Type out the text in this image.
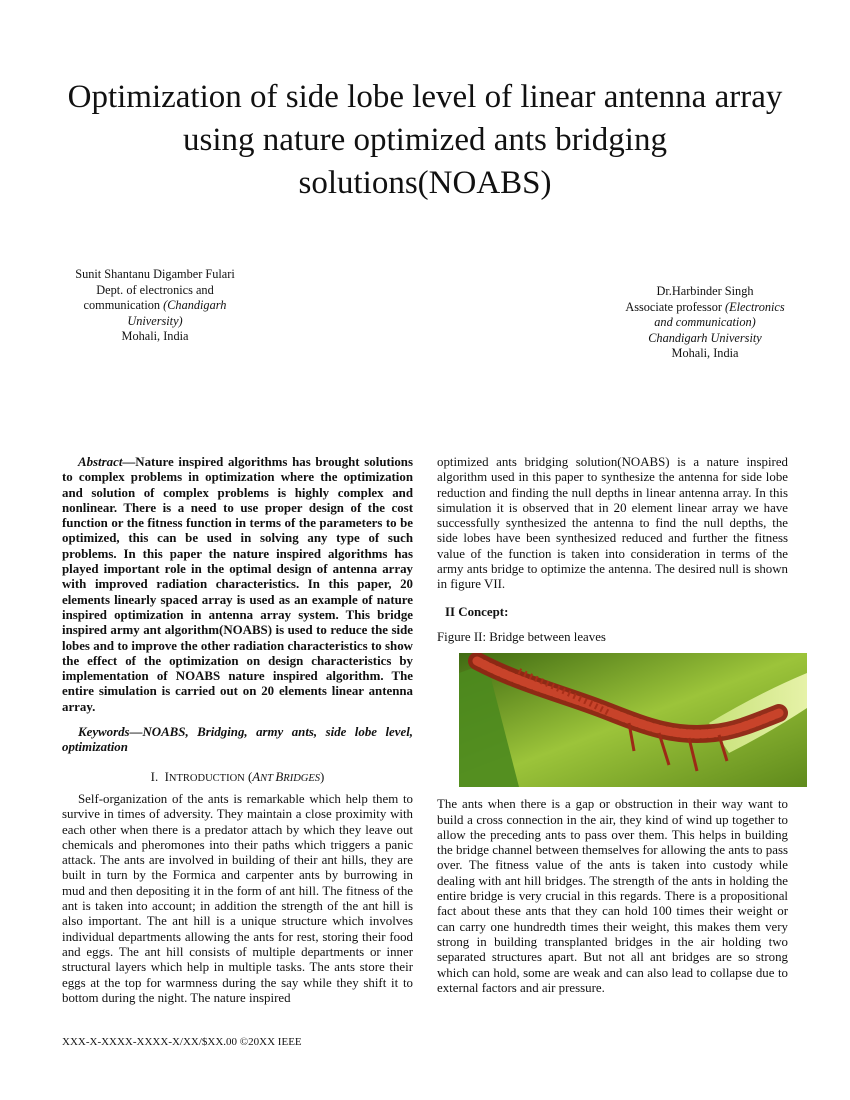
Optimization of side lobe level of linear antenna array
using nature optimized ants bridging
solutions(NOABS)
Sunit Shantanu Digamber Fulari
Dept. of electronics and
communication (Chandigarh
University)
Mohali, India
Dr.Harbinder Singh
Associate professor (Electronics
and communication)
Chandigarh University
Mohali, India

Abstract—Nature inspired algorithms has brought solutions to complex problems in optimization where the optimization and solution of complex problems is highly complex and nonlinear. There is a need to use proper design of the cost function or the fitness function in terms of the parameters to be optimized, this can be used in solving any type of such problems. In this paper the nature inspired algorithms has played important role in the optimal design of antenna array with improved radiation characteristics. In this paper, 20 elements linearly spaced array is used as an example of nature inspired optimization in antenna array system. This bridge inspired army ant algorithm(NOABS) is used to reduce the side lobes and to improve the other radiation characteristics to show the effect of the optimization on design characteristics by implementation of NOABS nature inspired algorithm. The entire simulation is carried out on 20 elements linear antenna array.

Keywords—NOABS, Bridging, army ants, side lobe level, optimization

I. INTRODUCTION (ANT BRIDGES)

Self-organization of the ants is remarkable which help them to survive in times of adversity. They maintain a close proximity with each other when there is a predator attach by which they leave out chemicals and pheromones into their paths which triggers a panic attack. The ants are involved in building of their ant hills, they are built in turn by the Formica and carpenter ants by burrowing in mud and then depositing it in the form of ant hill. The fitness of the ant is taken into account; in addition the strength of the ant hill is also important. The ant hill is a unique structure which involves individual departments allowing the ants for rest, storing their food and eggs. The ant hill consists of multiple departments or inner structural layers which help in multiple tasks. The ants store their eggs at the top for warmness during the say while they shift it to bottom during the night. The nature inspired

optimized ants bridging solution(NOABS) is a nature inspired algorithm used in this paper to synthesize the antenna for side lobe reduction and finding the null depths in linear antenna array. In this simulation it is observed that in 20 element linear array we have successfully synthesized the antenna to find the null depths, the side lobes have been synthesized reduced and further the fitness value of the function is taken into consideration in terms of the army ants bridge to optimize the antenna. The desired null is shown in figure VII.

II Concept:
Figure II: Bridge between leaves

The ants when there is a gap or obstruction in their way want to build a cross connection in the air, they kind of wind up together to allow the preceding ants to pass over them. This helps in building the bridge channel between themselves for allowing the ants to pass over. The fitness value of the ants is taken into custody while dealing with ant hill bridges. The strength of the ants in holding the entire bridge is very crucial in this regards. There is a propositional fact about these ants that they can hold 100 times their weight or can carry one hundredth times their weight, this makes them very strong in building transplanted bridges in the air holding two separated structures apart. But not all ant bridges are so strong which can hold, some are weak and can also lead to collapse due to external factors and air pressure.

XXX-X-XXXX-XXXX-X/XX/$XX.00 ©20XX IEEE
